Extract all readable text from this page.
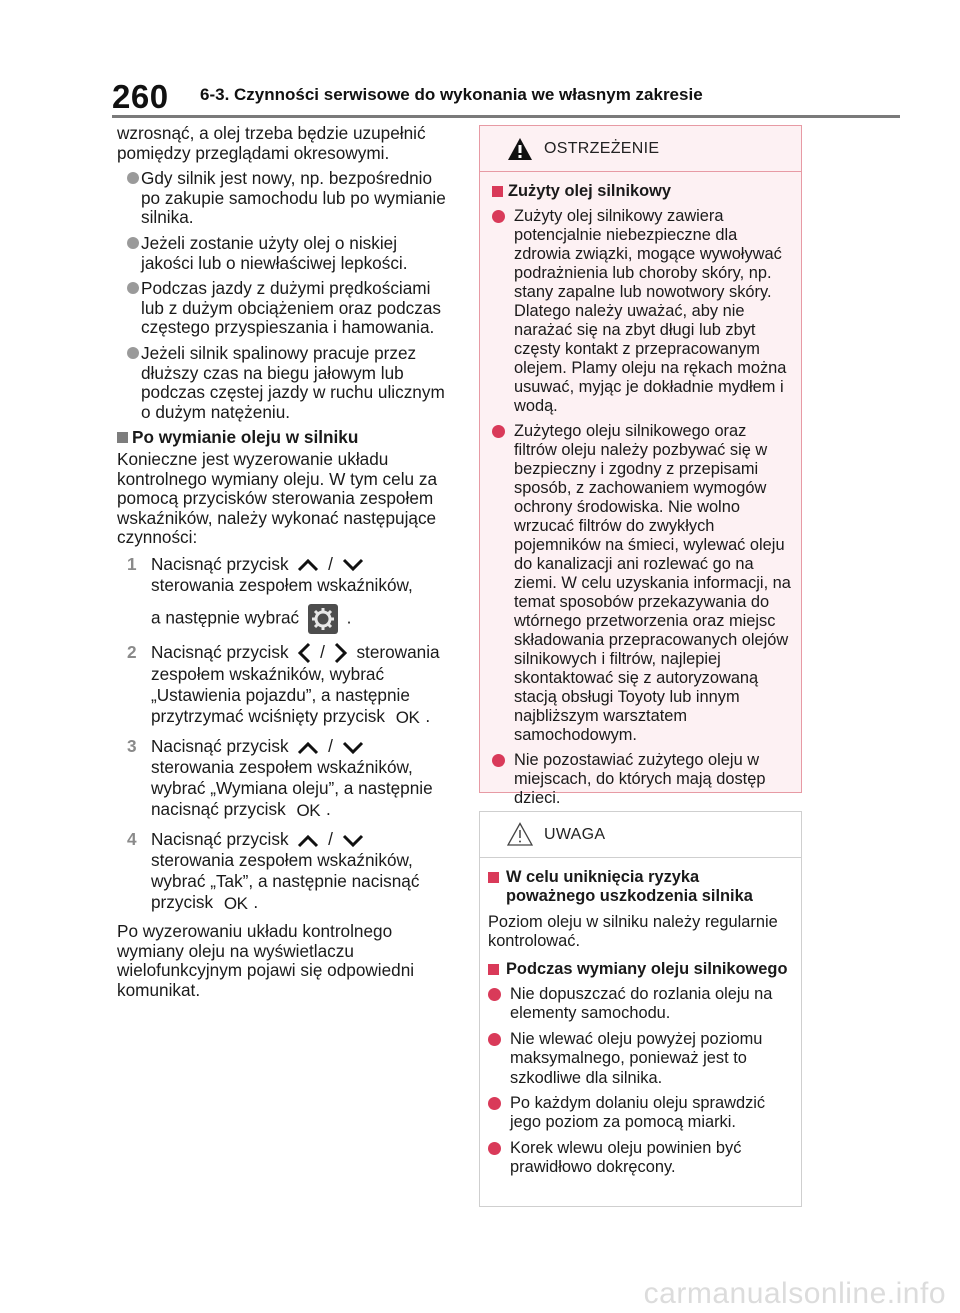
260 6-3. Czynności serwisowe do wykonania we własnym zakresie

wzrosnąć, a olej trzeba będzie uzupełnić pomiędzy przeglądami okresowymi.

Gdy silnik jest nowy, np. bezpośrednio po zakupie samochodu lub po wymianie silnika.

Jeżeli zostanie użyty olej o niskiej jakości lub o niewłaściwej lepkości.

Podczas jazdy z dużymi prędkościami lub z dużym obciążeniem oraz podczas częstego przyspieszania i hamowania.

Jeżeli silnik spalinowy pracuje przez dłuższy czas na biegu jałowym lub podczas częstej jazdy w ruchu ulicznym o dużym natężeniu.

Po wymianie oleju w silniku

Konieczne jest wyzerowanie układu kontrolnego wymiany oleju. W tym celu za pomocą przycisków sterowania zespołem wskaźników, należy wykonać następujące czynności:

1 Nacisnąć przycisk /  sterowania zespołem wskaźników,
a następnie wybrać	.
2 Nacisnąć przycisk / sterowania zespołem wskaźników, wybrać „Ustawienia pojazdu”, a następnie przytrzymać wciśnięty przycisk OK .
3 Nacisnąć przycisk /  sterowania zespołem wskaźników, wybrać „Wymiana oleju”, a następnie nacisnąć przycisk OK .
4 Nacisnąć przycisk /  sterowania zespołem wskaźników, wybrać „Tak”, a następnie nacisnąć przycisk OK .

Po wyzerowaniu układu kontrolnego wymiany oleju na wyświetlaczu wielofunkcyjnym pojawi się odpowiedni komunikat.

OSTRZEŻENIE

Zużyty olej silnikowy

Zużyty olej silnikowy zawiera potencjalnie niebezpieczne dla zdrowia związki, mogące wywoływać podrażnienia lub choroby skóry, np. stany zapalne lub nowotwory skóry. Dlatego należy uważać, aby nie narażać się na zbyt długi lub zbyt częsty kontakt z przepracowanym olejem. Plamy oleju na rękach można usuwać, myjąc je dokładnie mydłem i wodą.

Zużytego oleju silnikowego oraz filtrów oleju należy pozbywać się w bezpieczny i zgodny z przepisami sposób, z zachowaniem wymogów ochrony środowiska. Nie wolno wrzucać filtrów do zwykłych pojemników na śmieci, wylewać oleju do kanalizacji ani rozlewać go na ziemi. W celu uzyskania informacji, na temat sposobów przekazywania do wtórnego przetworzenia oraz miejsc składowania przepracowanych olejów silnikowych i filtrów, najlepiej skontaktować się z autoryzowaną stacją obsługi Toyoty lub innym najbliższym warsztatem samochodowym.

Nie pozostawiać zużytego oleju w miejscach, do których mają dostęp dzieci.

UWAGA

W celu uniknięcia ryzyka poważnego uszkodzenia silnika

Poziom oleju w silniku należy regularnie kontrolować.

Podczas wymiany oleju silnikowego

Nie dopuszczać do rozlania oleju na elementy samochodu.

Nie wlewać oleju powyżej poziomu maksymalnego, ponieważ jest to szkodliwe dla silnika.

Po każdym dolaniu oleju sprawdzić jego poziom za pomocą miarki.

Korek wlewu oleju powinien być prawidłowo dokręcony.

carmanualsonline.info
